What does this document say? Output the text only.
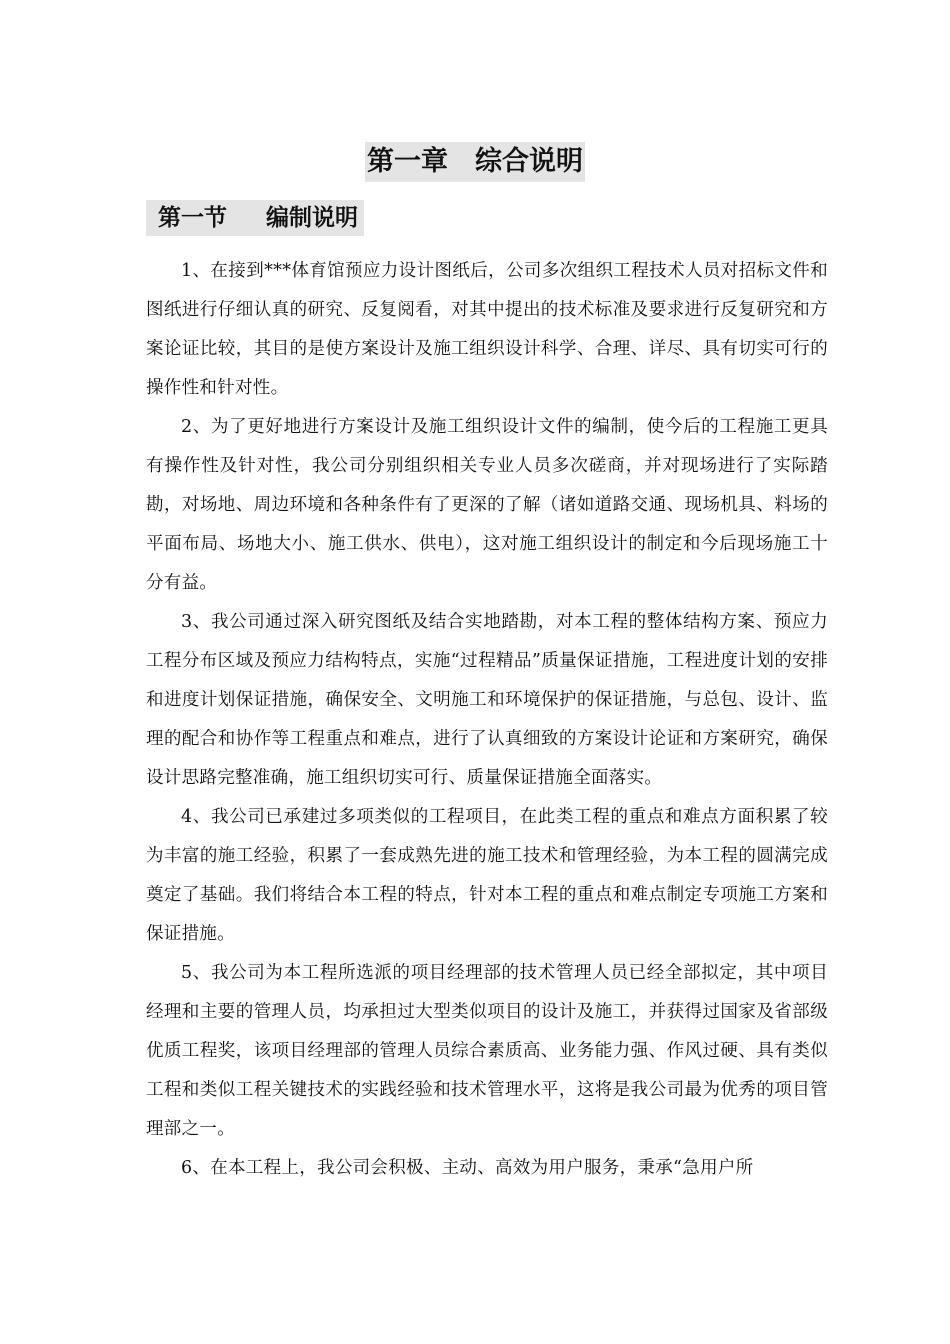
第一章　综合说明
第一节　  编制说明

1、在接到***体育馆预应力设计图纸后，公司多次组织工程技术人员对招标文件和图纸进行仔细认真的研究、反复阅看，对其中提出的技术标准及要求进行反复研究和方案论证比较，其目的是使方案设计及施工组织设计科学、合理、详尽、具有切实可行的操作性和针对性。

2、为了更好地进行方案设计及施工组织设计文件的编制，使今后的工程施工更具有操作性及针对性，我公司分别组织相关专业人员多次磋商，并对现场进行了实际踏勘，对场地、周边环境和各种条件有了更深的了解（诸如道路交通、现场机具、料场的平面布局、场地大小、施工供水、供电），这对施工组织设计的制定和今后现场施工十分有益。

3、我公司通过深入研究图纸及结合实地踏勘，对本工程的整体结构方案、预应力工程分布区域及预应力结构特点，实施“过程精品”质量保证措施，工程进度计划的安排和进度计划保证措施，确保安全、文明施工和环境保护的保证措施，与总包、设计、监理的配合和协作等工程重点和难点，进行了认真细致的方案设计论证和方案研究，确保设计思路完整准确，施工组织切实可行、质量保证措施全面落实。

4、我公司已承建过多项类似的工程项目，在此类工程的重点和难点方面积累了较为丰富的施工经验，积累了一套成熟先进的施工技术和管理经验，为本工程的圆满完成奠定了基础。我们将结合本工程的特点，针对本工程的重点和难点制定专项施工方案和保证措施。

5、我公司为本工程所选派的项目经理部的技术管理人员已经全部拟定，其中项目经理和主要的管理人员，均承担过大型类似项目的设计及施工，并获得过国家及省部级优质工程奖，该项目经理部的管理人员综合素质高、业务能力强、作风过硬、具有类似工程和类似工程关键技术的实践经验和技术管理水平，这将是我公司最为优秀的项目管理部之一。

6、在本工程上，我公司会积极、主动、高效为用户服务，秉承“急用户所
